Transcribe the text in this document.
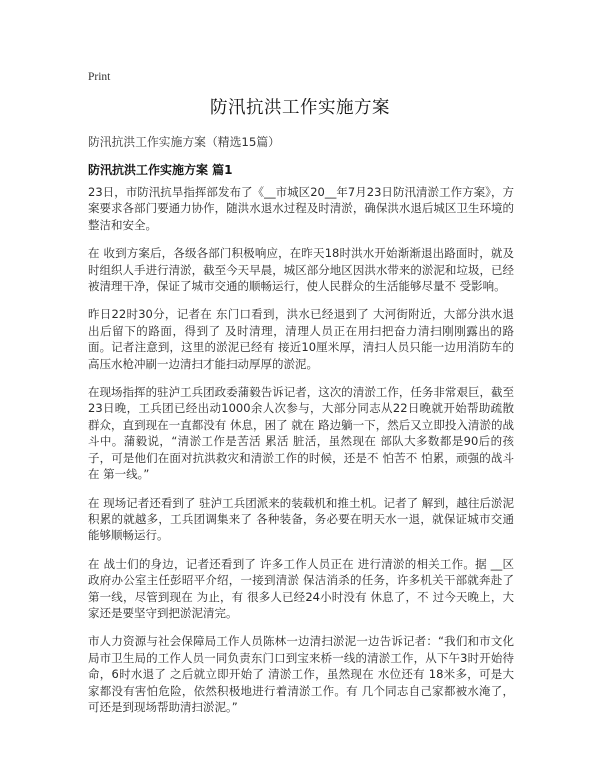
Print
防汛抗洪工作实施方案
防汛抗洪工作实施方案（精选15篇）
防汛抗洪工作实施方案 篇1

23日，市防汛抗旱指挥部发布了《__市城区20__年7月23日防汛清淤工作方案》，方案要求各部门要通力协作，随洪水退水过程及时清淤，确保洪水退后城区卫生环境的整洁和安全。

在 收到方案后，各级各部门积极响应，在昨天18时洪水开始渐渐退出路面时，就及时组织人手进行清淤，截至今天早晨，城区部分地区因洪水带来的淤泥和垃圾，已经被清理干净，保证了城市交通的顺畅运行，使人民群众的生活能够尽量不 受影响。

昨日22时30分，记者在 东门口看到，洪水已经退到了 大河街附近，大部分洪水退出后留下的路面，得到了 及时清理，清理人员正在用扫把奋力清扫刚刚露出的路面。记者注意到，这里的淤泥已经有 接近10厘米厚，清扫人员只能一边用消防车的高压水枪冲刷一边清扫才能扫动厚厚的淤泥。

在现场指挥的驻泸工兵团政委蒲毅告诉记者，这次的清淤工作，任务非常艰巨，截至23日晚，工兵团已经出动1000余人次参与，大部分同志从22日晚就开始帮助疏散群众，直到现在一直都没有 休息，困了 就在 路边躺一下，然后又立即投入清淤的战斗中。蒲毅说，“清淤工作是苦活 累活 脏活，虽然现在 部队大多数都是90后的孩子，可是他们在面对抗洪救灾和清淤工作的时候，还是不 怕苦不 怕累，顽强的战斗在 第一线。”

在 现场记者还看到了 驻泸工兵团派来的装载机和推土机。记者了 解到，越往后淤泥积累的就越多，工兵团调集来了 各种装备，务必要在明天水一退，就保证城市交通能够顺畅运行。

在 战士们的身边，记者还看到了 许多工作人员正在 进行清淤的相关工作。据 __区政府办公室主任彭昭平介绍，一接到清淤 保洁消杀的任务，许多机关干部就奔赴了 第一线，尽管到现在 为止，有 很多人已经24小时没有 休息了，不 过今天晚上，大家还是要坚守到把淤泥清完。

市人力资源与社会保障局工作人员陈林一边清扫淤泥一边告诉记者：“我们和市文化局市卫生局的工作人员一同负责东门口到宝来桥一线的清淤工作，从下午3时开始待命，6时水退了 之后就立即开始了 清淤工作，虽然现在 水位还有 18米多，可是大家都没有害怕危险，依然积极地进行着清淤工作。有 几个同志自己家都被水淹了，可还是到现场帮助清扫淤泥。”
